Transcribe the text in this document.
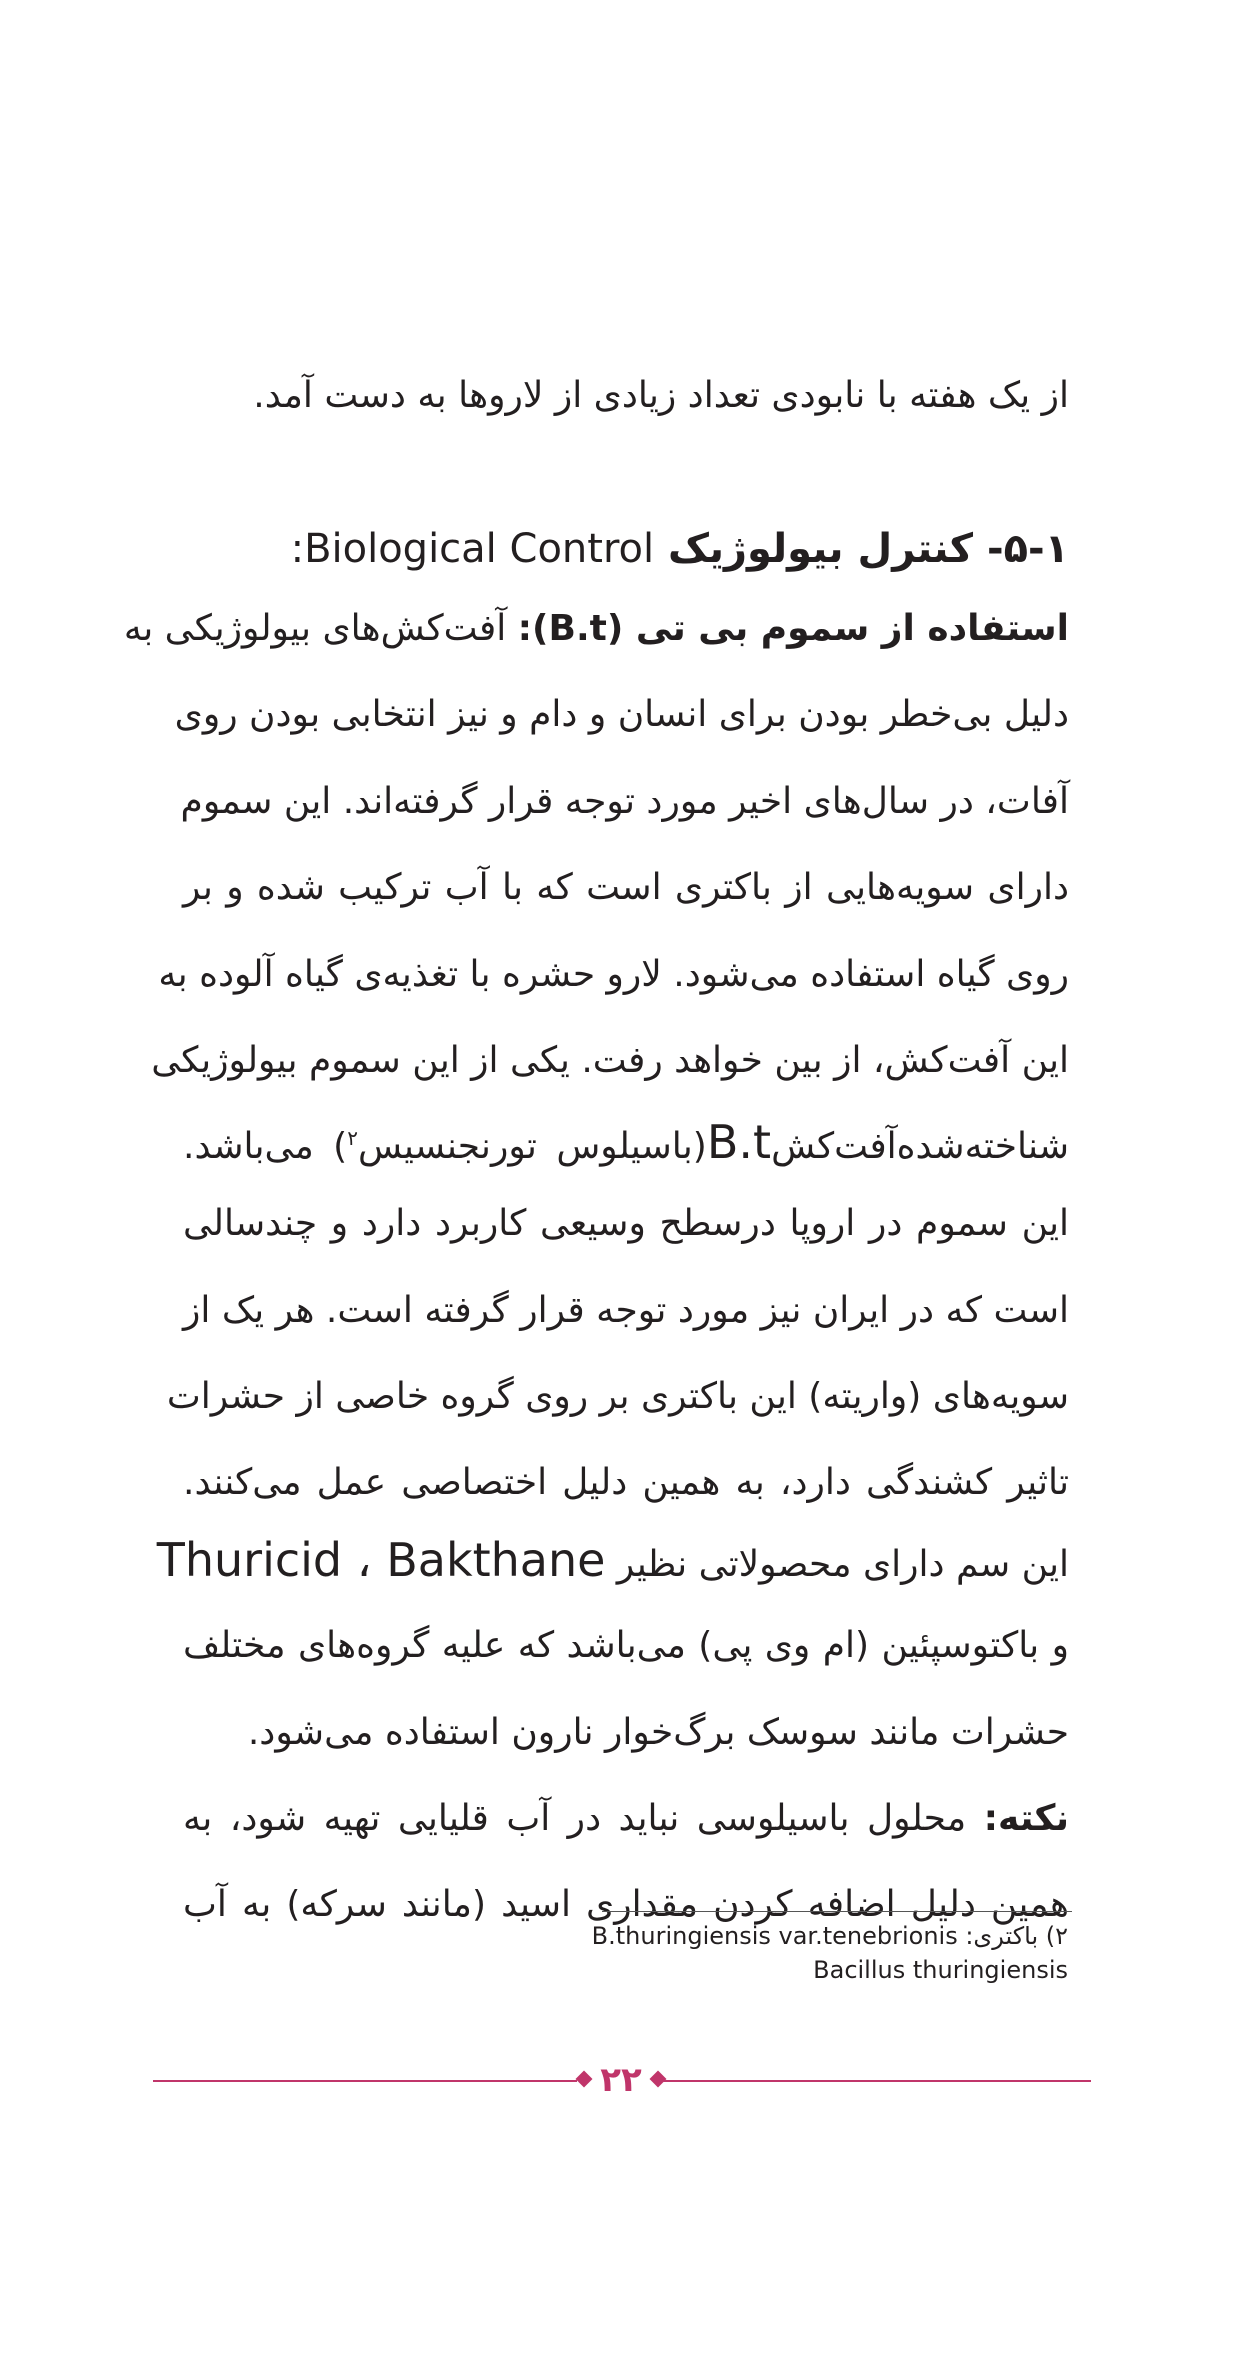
از یک هفته با نابودی تعداد زیادی از لاروها به دست آمد.
۵-۱- کنترل بیولوژیک Biological Control:
استفاده از سموم بی تی (B.t): آفت‌کش‌های بیولوژیکی به
دلیل بی‌خطر بودن برای انسان و دام و نیز انتخابی بودن روی
آفات، در سال‌های اخیر مورد توجه قرار گرفته‌اند. این سموم
دارای سویه‌هایی از باکتری است که با آب ترکیب شده و بر
روی گیاه استفاده می‌شود. لارو حشره با تغذیه‌ی گیاه آلوده به
این آفت‌کش، از بین خواهد رفت. یکی از این سموم بیولوژیکی
شناخته‌شده‌آفت‌کشB.t(باسیلوس تورنجنسیس$^۲$) می‌باشد.
این سموم در اروپا درسطح وسیعی کاربرد دارد و چندسالی
است که در ایران نیز مورد توجه قرار گرفته است. هر یک از
سویه‌های (واریته) این باکتری بر روی گروه خاصی از حشرات
تاثیر کشندگی دارد، به همین دلیل اختصاصی عمل می‌کنند.
این سم دارای محصولاتی نظیر Thuricid ، Bakthane
و باکتوسپئین (ام وی پی) می‌باشد که علیه گروه‌های مختلف
حشرات مانند سوسک برگ‌خوار نارون استفاده می‌شود.
نکته: محلول باسیلوسی نباید در آب قلیایی تهیه شود، به
همین دلیل اضافه کردن مقداری اسید (مانند سرکه) به آب
۲) باکتری: B.thuringiensis var.tenebrionis
Bacillus thuringiensis
۲۲
